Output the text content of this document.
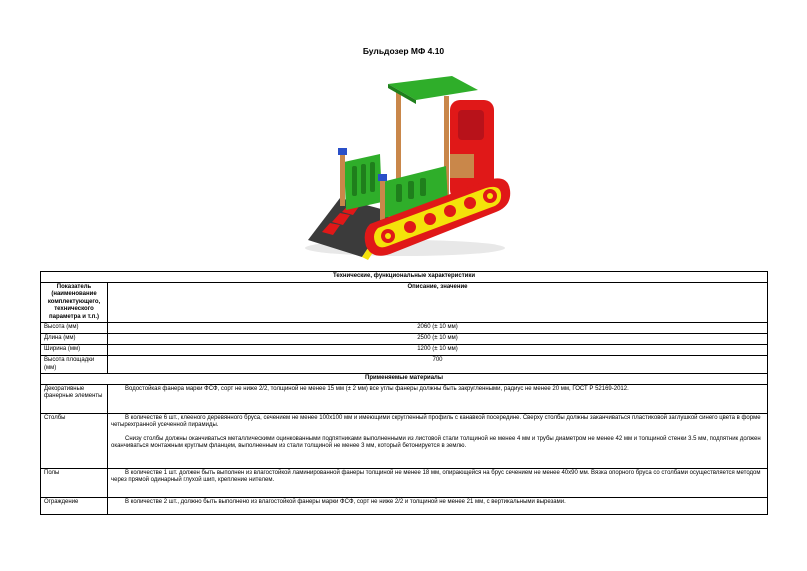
Бульдозер МФ 4.10
Технические, функциональные характеристики	
Показатель (наименование комплектующего, технического параметра и т.п.)	Описание, значение
Высота (мм)	2060 (± 10 мм)
Длина (мм)	2500 (± 10 мм)
Ширина (мм)	1200 (± 10 мм)
Высота площадки (мм)	700
Применяемые материалы	
Декоративные фанерные элементы	Водостойкая фанера марки ФСФ, сорт не ниже 2/2, толщиной не менее 15 мм (± 2 мм) все углы фанеры должны быть закругленными, радиус не менее 20 мм, ГОСТ Р 52169-2012.

Столбы	В количестве 6 шт., клееного деревянного бруса, сечением не менее 100х100 мм и имеющими скругленный профиль с канавкой посередине. Сверху столбы должны заканчиваться пластиковой заглушкой синего цвета в форме четырехгранной усеченной пирамиды.

Снизу столбы должны оканчиваться металлическими оцинкованными подпятниками выполненными из листовой стали толщиной не менее 4 мм и трубы диаметром не менее 42 мм и толщиной стенки 3.5 мм, подпятник должен оканчиваться монтажным круглым фланцем, выполненным из стали толщиной не менее 3 мм, который бетонируется в землю.

Полы	В количестве 1 шт. должен быть выполнен из влагостойкой ламинированной фанеры толщиной не менее 18 мм, опирающейся на брус сечением не менее 40х90 мм. Вязка опорного бруса со столбами осуществляется методом через прямой одинарный глухой шип, крепление нителем.

Ограждение	В количестве 2 шт., должно быть выполнено из влагостойкой фанеры марки ФСФ, сорт не ниже 2/2 и толщиной не менее 21 мм, с вертикальными вырезами.
